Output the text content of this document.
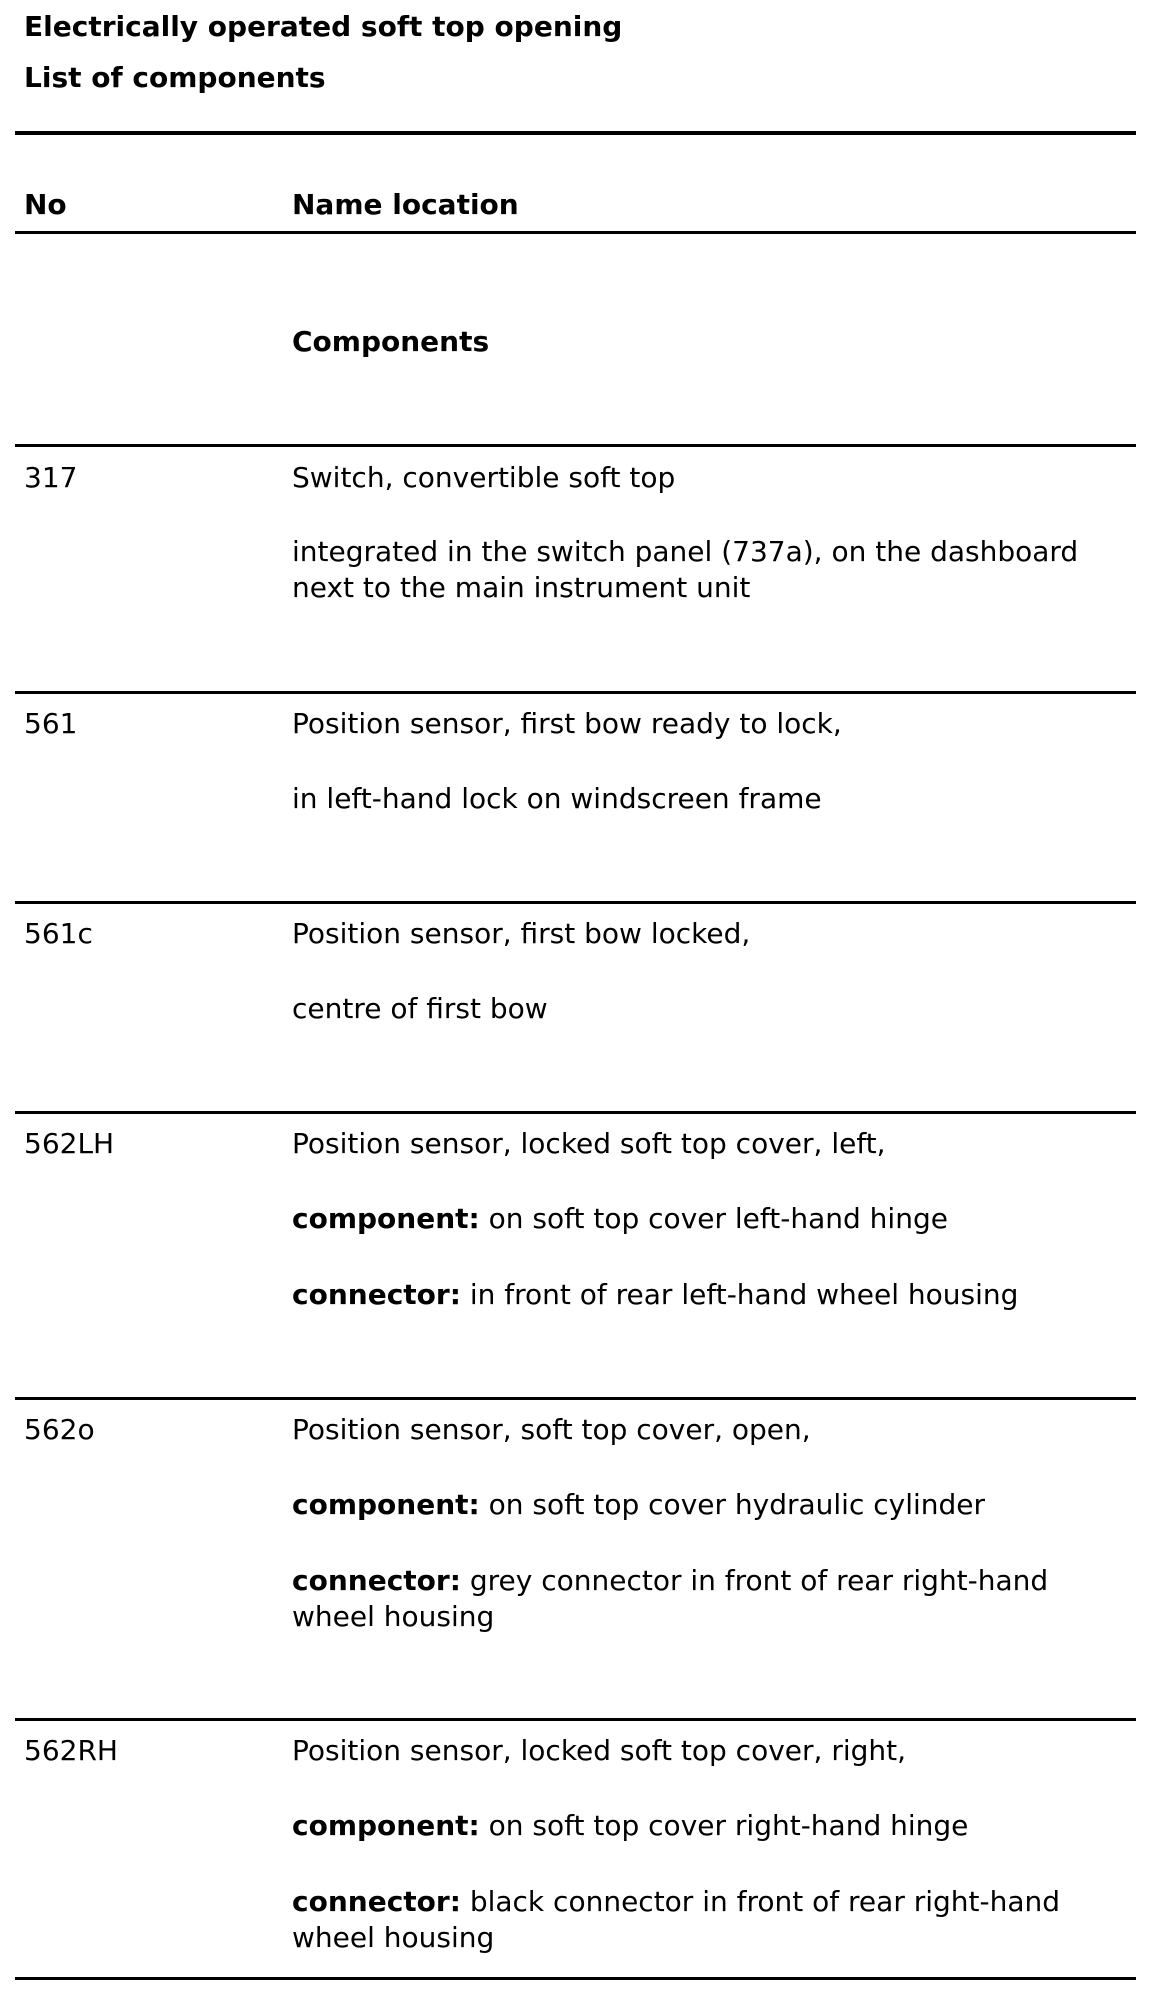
Electrically operated soft top opening
List of components
No	Name location
Components
317	Switch, convertible soft top
integrated in the switch panel (737a), on the dashboard next to the main instrument unit
561	Position sensor, first bow ready to lock,
in left-hand lock on windscreen frame
561c	Position sensor, first bow locked,
centre of first bow
562LH	Position sensor, locked soft top cover, left,
component: on soft top cover left-hand hinge
connector: in front of rear left-hand wheel housing
562o	Position sensor, soft top cover, open,
component: on soft top cover hydraulic cylinder
connector: grey connector in front of rear right-hand wheel housing
562RH	Position sensor, locked soft top cover, right,
component: on soft top cover right-hand hinge
connector: black connector in front of rear right-hand wheel housing
